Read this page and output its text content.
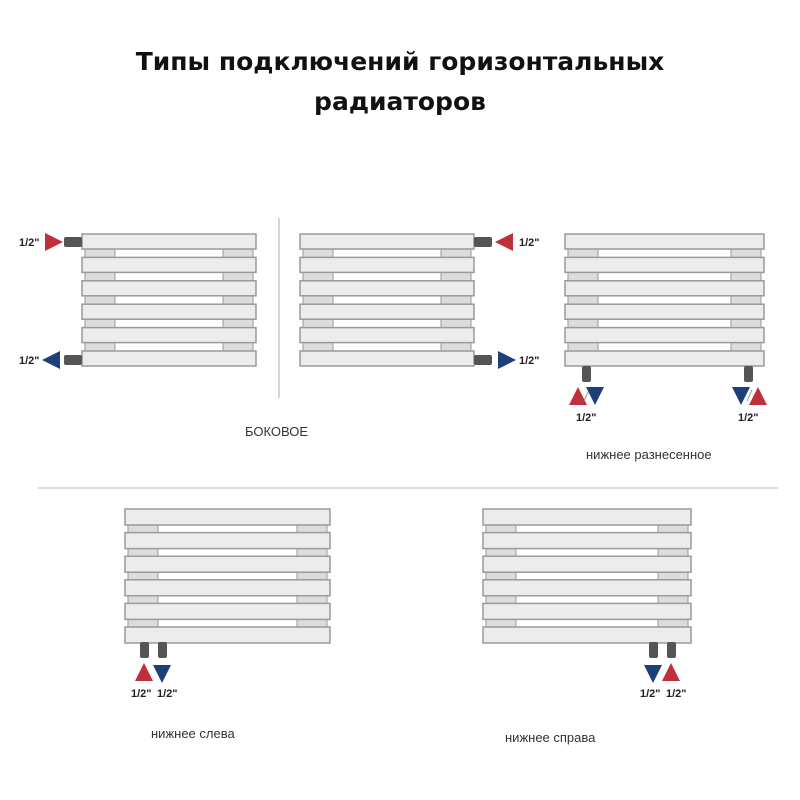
Типы подключений горизонтальных
радиаторов
1/2"
1/2"
1/2"
1/2"
БОКОВОЕ
1/2"	1/2"
нижнее разнесенное
1/2" 1/2"
нижнее слева
1/2" 1/2"
нижнее справа
